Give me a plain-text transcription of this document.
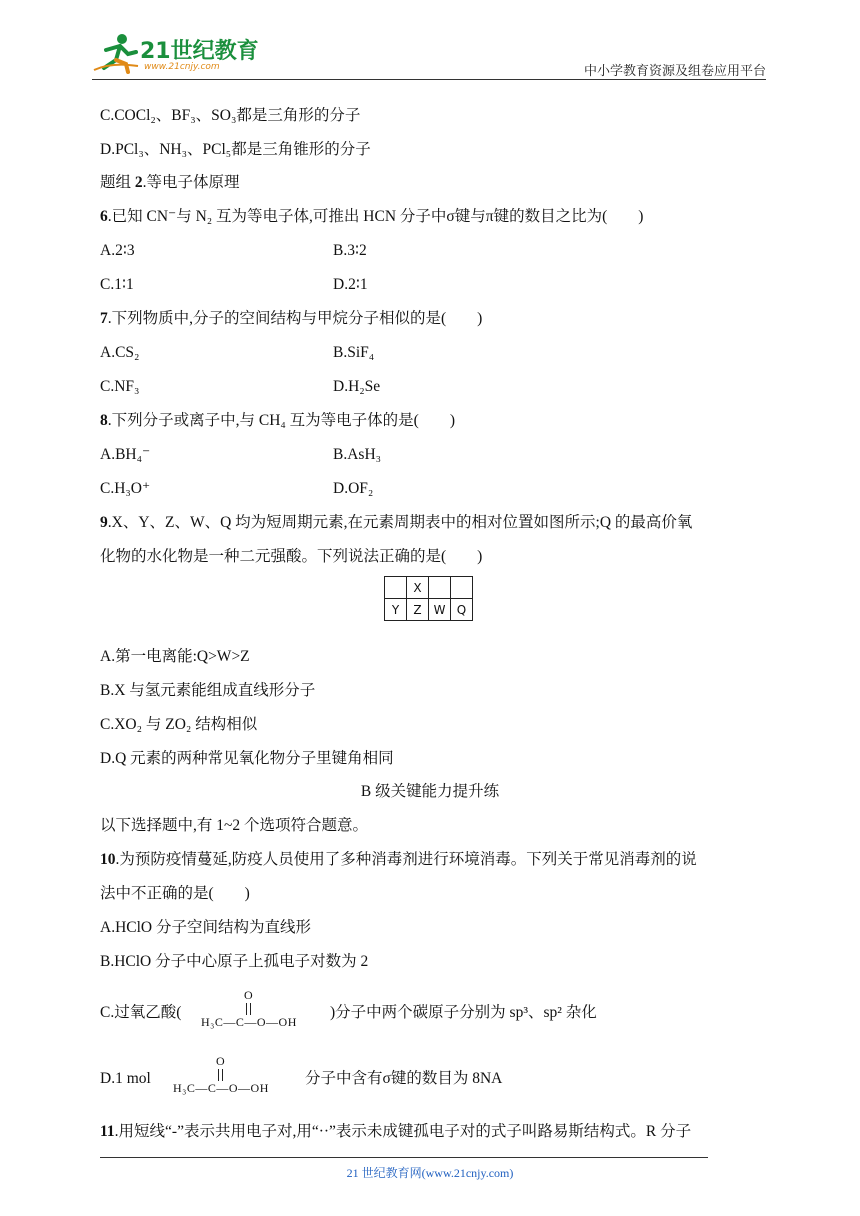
21世纪教育
www.21cnjy.com	中小学教育资源及组卷应用平台
C.COCl₂、BF₃、SO₃都是三角形的分子
D.PCl₃、NH₃、PCl₅都是三角锥形的分子
题组 2.等电子体原理
6.已知 CN⁻与 N₂ 互为等电子体,可推出 HCN 分子中σ键与π键的数目之比为(　　)
A.2∶3	B.3∶2
C.1∶1	D.2∶1
7.下列物质中,分子的空间结构与甲烷分子相似的是(　　)
A.CS₂	B.SiF₄
C.NF₃	D.H₂Se
8.下列分子或离子中,与 CH₄ 互为等电子体的是(　　)
A.BH₄⁻	B.AsH₃
C.H₃O⁺	D.OF₂
9.X、Y、Z、W、Q 均为短周期元素,在元素周期表中的相对位置如图所示;Q 的最高价氧
化物的水化物是一种二元强酸。下列说法正确的是(　　)
	X		
Y	Z	W	Q
A.第一电离能:Q>W>Z
B.X 与氢元素能组成直线形分子
C.XO₂ 与 ZO₂ 结构相似
D.Q 元素的两种常见氧化物分子里键角相同
B 级关键能力提升练
以下选择题中,有 1~2 个选项符合题意。
10.为预防疫情蔓延,防疫人员使用了多种消毒剂进行环境消毒。下列关于常见消毒剂的说
法中不正确的是(　　)
A.HClO 分子空间结构为直线形
B.HClO 分子中心原子上孤电子对数为 2
C.过氧乙酸(
O
H₃C—C—O—OH
)分子中两个碳原子分别为 sp³、sp² 杂化
D.1 mol
O
H₃C—C—O—OH
分子中含有σ键的数目为 8NA
11.用短线“-”表示共用电子对,用“··”表示未成键孤电子对的式子叫路易斯结构式。R 分子
21 世纪教育网(www.21cnjy.com)
